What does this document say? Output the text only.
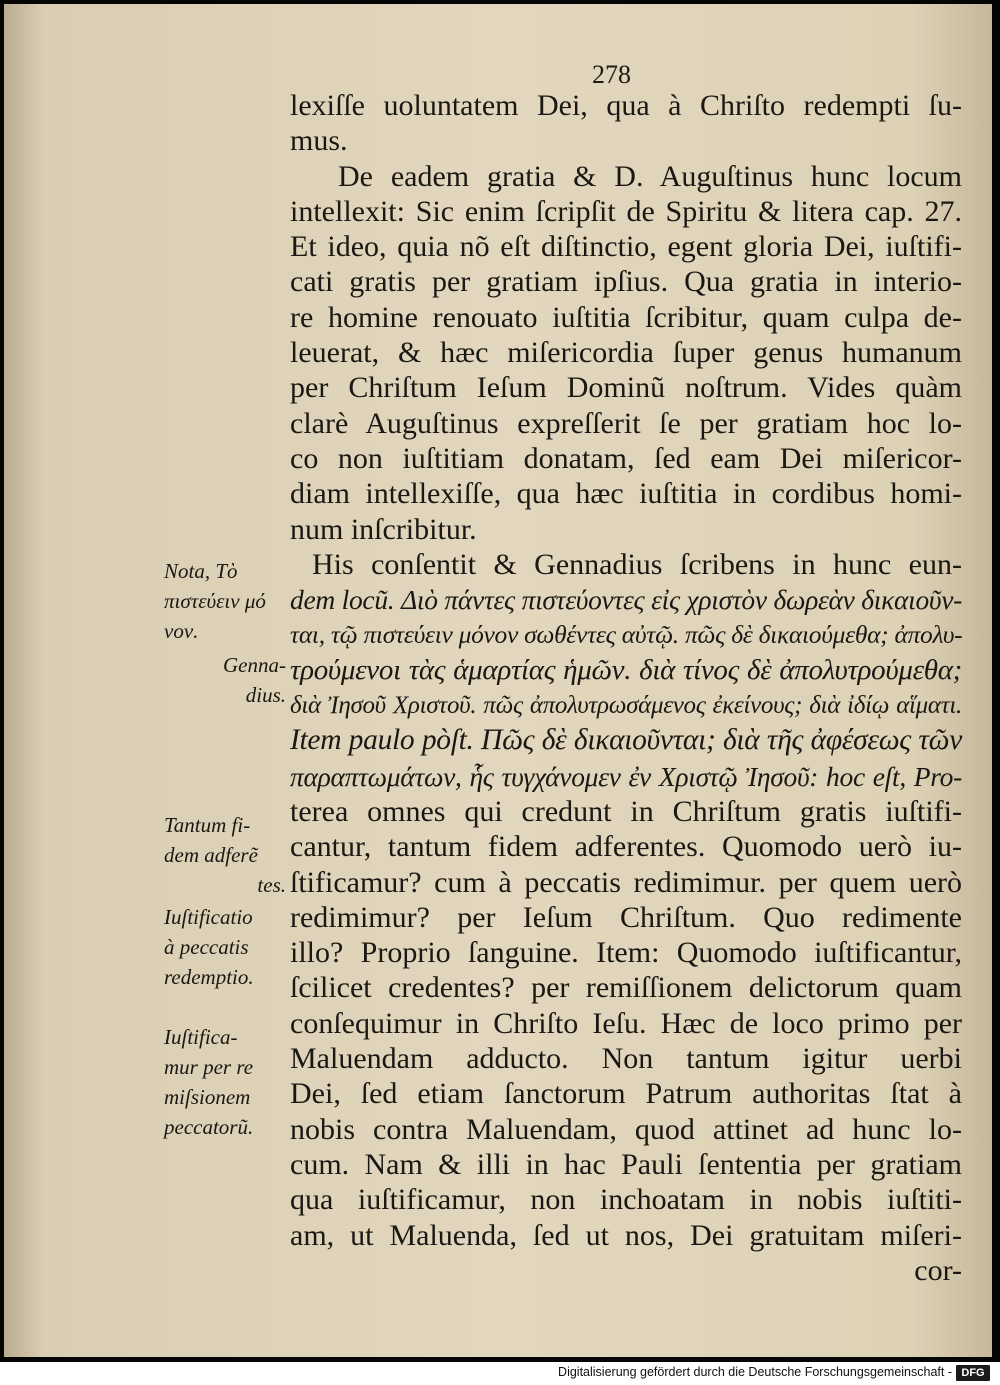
278
lexiſſe uoluntatem Dei, qua à Chriſto redempti ſu-
mus.
De eadem gratia & D. Auguſtinus hunc locum
intellexit: Sic enim ſcripſit de Spiritu & litera cap. 27.
Et ideo, quia nõ eſt diſtinctio, egent gloria Dei, iuſtifi-
cati gratis per gratiam ipſius. Qua gratia in interio-
re homine renouato iuſtitia ſcribitur, quam culpa de-
leuerat, & hæc miſericordia ſuper genus humanum
per Chriſtum Ieſum Dominũ noſtrum. Vides quàm
clarè Auguſtinus expreſſerit ſe per gratiam hoc lo-
co non iuſtitiam donatam, ſed eam Dei miſericor-
diam intellexiſſe, qua hæc iuſtitia in cordibus homi-
num inſcribitur.
His conſentit & Gennadius ſcribens in hunc eun-
dem locũ. Διὸ πάντες πιστεύοντες εἰς χριστὸν δωρεὰν δικαιοῦν-
ται, τῷ πιστεύειν μόνον σωθέντες αὐτῷ. πῶς δὲ δικαιούμεθα; ἀπολυ-
τρούμενοι τὰς ἁμαρτίας ἡμῶν. διὰ τίνος δὲ ἀπολυτρούμεθα;
διὰ Ἰησοῦ Χριστοῦ. πῶς ἀπολυτρωσάμενος ἐκείνους; διὰ ἰδίῳ αἵματι.
Item paulo pòſt. Πῶς δὲ δικαιοῦνται; διὰ τῆς ἀφέσεως τῶν
παραπτωμάτων, ἧς τυγχάνομεν ἐν Χριστῷ Ἰησοῦ: hoc eſt, Pro-
terea omnes qui credunt in Chriſtum gratis iuſtifi-
cantur, tantum fidem adferentes. Quomodo uerò iu-
ſtificamur? cum à peccatis redimimur. per quem uerò
redimimur? per Ieſum Chriſtum. Quo redimente
illo? Proprio ſanguine. Item: Quomodo iuſtificantur,
ſcilicet credentes? per remiſſionem delictorum quam
conſequimur in Chriſto Ieſu. Hæc de loco primo per
Maluendam adducto. Non tantum igitur uerbi
Dei, ſed etiam ſanctorum Patrum authoritas ſtat à
nobis contra Maluendam, quod attinet ad hunc lo-
cum. Nam & illi in hac Pauli ſententia per gratiam
qua iuſtificamur, non inchoatam in nobis iuſtiti-
am, ut Maluenda, ſed ut nos, Dei gratuitam miſeri-
cor-
Nota, Τὸ
πιστεύειν μό
νον.
Genna-
dius.
Tantum fi-
dem adferẽ
tes.
Iuſtificatio
à peccatis
redemptio.
Iuſtifica-
mur per re
miſsionem
peccatorũ.
Digitalisierung gefördert durch die Deutsche Forschungsgemeinschaft - DFG
